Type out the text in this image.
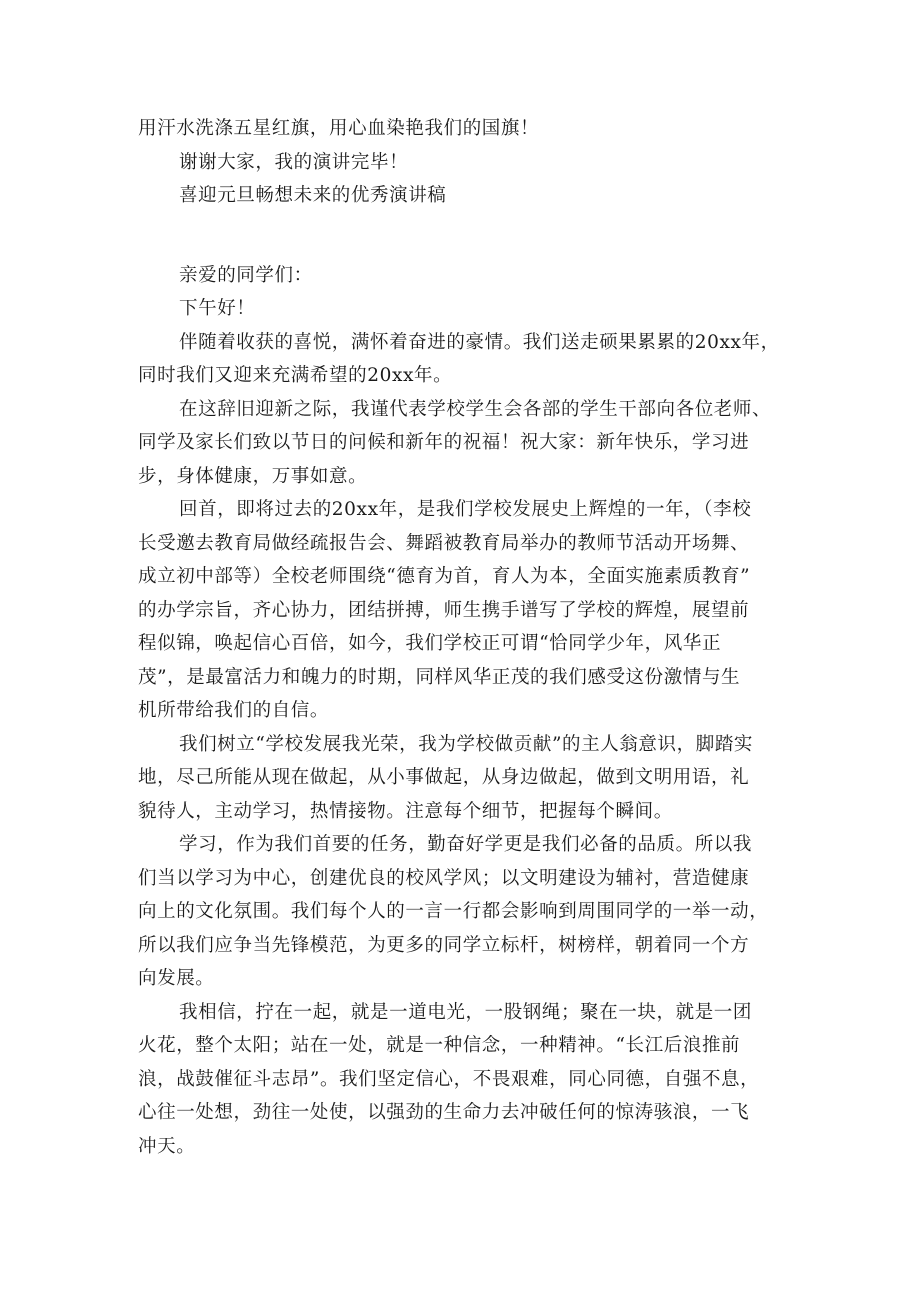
用汗水洗涤五星红旗，用心血染艳我们的国旗！
谢谢大家，我的演讲完毕！
喜迎元旦畅想未来的优秀演讲稿
亲爱的同学们：
下午好！
伴随着收获的喜悦，满怀着奋进的豪情。我们送走硕果累累的20xx年，
同时我们又迎来充满希望的20xx年。
在这辞旧迎新之际，我谨代表学校学生会各部的学生干部向各位老师、
同学及家长们致以节日的问候和新年的祝福！祝大家：新年快乐，学习进
步，身体健康，万事如意。
回首，即将过去的20xx年，是我们学校发展史上辉煌的一年，（李校
长受邀去教育局做经疏报告会、舞蹈被教育局举办的教师节活动开场舞、
成立初中部等）全校老师围绕“德育为首，育人为本，全面实施素质教育”
的办学宗旨，齐心协力，团结拼搏，师生携手谱写了学校的辉煌，展望前
程似锦，唤起信心百倍，如今，我们学校正可谓“恰同学少年，风华正
茂”，是最富活力和魄力的时期，同样风华正茂的我们感受这份激情与生
机所带给我们的自信。
我们树立“学校发展我光荣，我为学校做贡献”的主人翁意识，脚踏实
地，尽己所能从现在做起，从小事做起，从身边做起，做到文明用语，礼
貌待人，主动学习，热情接物。注意每个细节，把握每个瞬间。
学习，作为我们首要的任务，勤奋好学更是我们必备的品质。所以我
们当以学习为中心，创建优良的校风学风；以文明建设为辅衬，营造健康
向上的文化氛围。我们每个人的一言一行都会影响到周围同学的一举一动，
所以我们应争当先锋模范，为更多的同学立标杆，树榜样，朝着同一个方
向发展。
我相信，拧在一起，就是一道电光，一股钢绳；聚在一块，就是一团
火花，整个太阳；站在一处，就是一种信念，一种精神。“长江后浪推前
浪，战鼓催征斗志昂”。我们坚定信心，不畏艰难，同心同德，自强不息，
心往一处想，劲往一处使，以强劲的生命力去冲破任何的惊涛骇浪，一飞
冲天。
